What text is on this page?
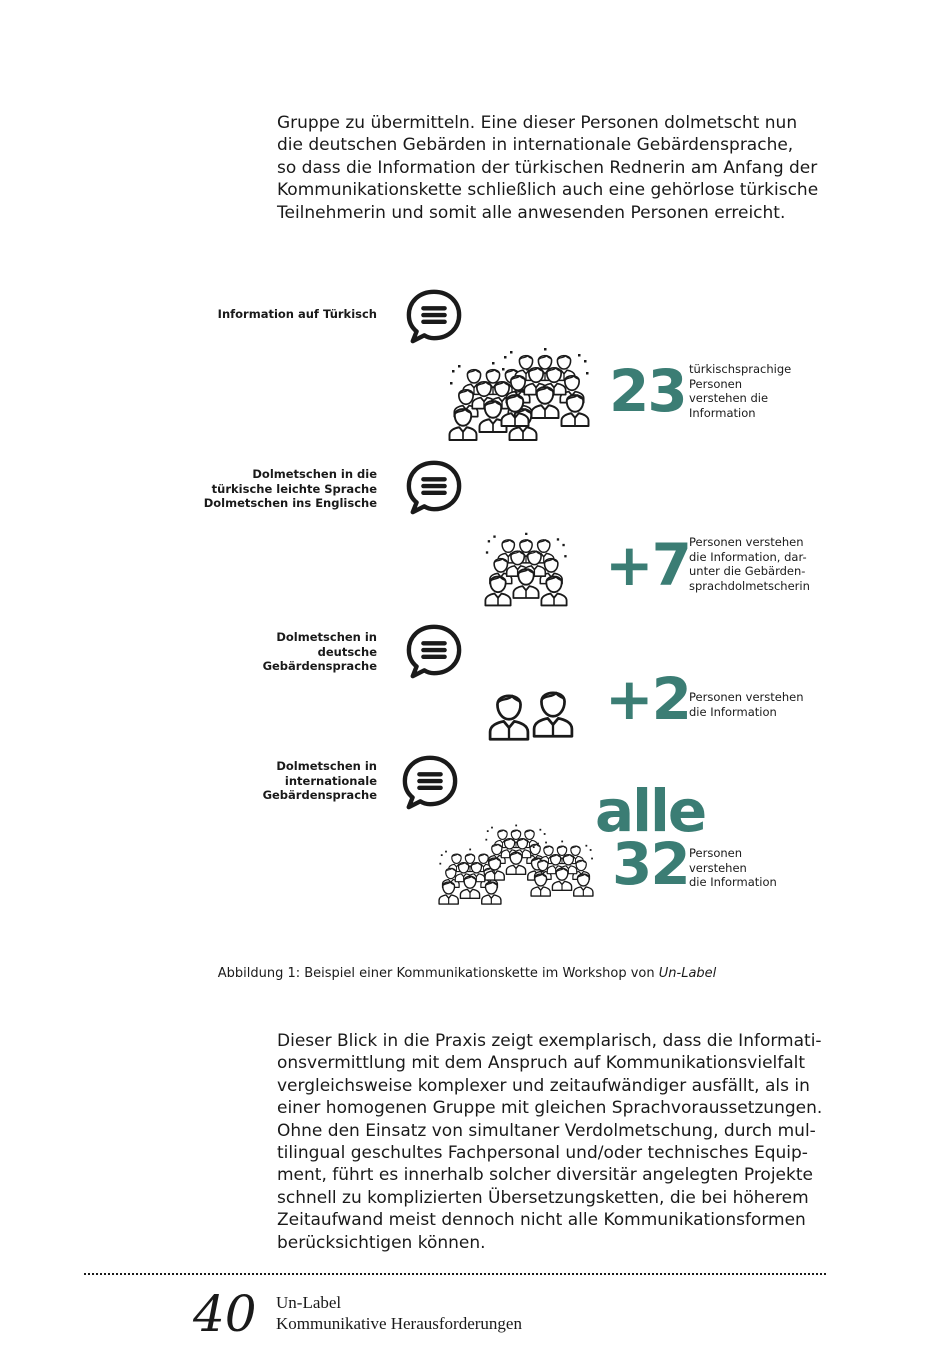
Gruppe zu übermitteln. Eine dieser Personen dolmetscht nun
die deutschen Gebärden in internationale Gebärdensprache,
so dass die Information der türkischen Rednerin am Anfang der
Kommunikationskette schließlich auch eine gehörlose türkische
Teilnehmerin und somit alle anwesenden Personen erreicht.
Information auf Türkisch
23 türkischsprachige
Personen
verstehen die
Information
Dolmetschen in die
türkische leichte Sprache
Dolmetschen ins Englische
+7 Personen verstehen
die Information, dar-
unter die Gebärden-
sprachdolmetscherin
Dolmetschen in
deutsche
Gebärdensprache	+2 Personen verstehen
die Information
Dolmetschen in
internationale
Gebärdensprache	alle
32 Personen
verstehen
die Information
Abbildung 1: Beispiel einer Kommunikationskette im Workshop von Un-Label
Dieser Blick in die Praxis zeigt exemplarisch, dass die Informati-
onsvermittlung mit dem Anspruch auf Kommunikationsvielfalt
vergleichsweise komplexer und zeitaufwändiger ausfällt, als in
einer homogenen Gruppe mit gleichen Sprachvoraussetzungen.
Ohne den Einsatz von simultaner Verdolmetschung, durch mul-
tilingual geschultes Fachpersonal und/oder technisches Equip-
ment, führt es innerhalb solcher diversitär angelegten Projekte
schnell zu komplizierten Übersetzungsketten, die bei höherem
Zeitaufwand meist dennoch nicht alle Kommunikationsformen
berücksichtigen können.
40 Un-Label
Kommunikative Herausforderungen
